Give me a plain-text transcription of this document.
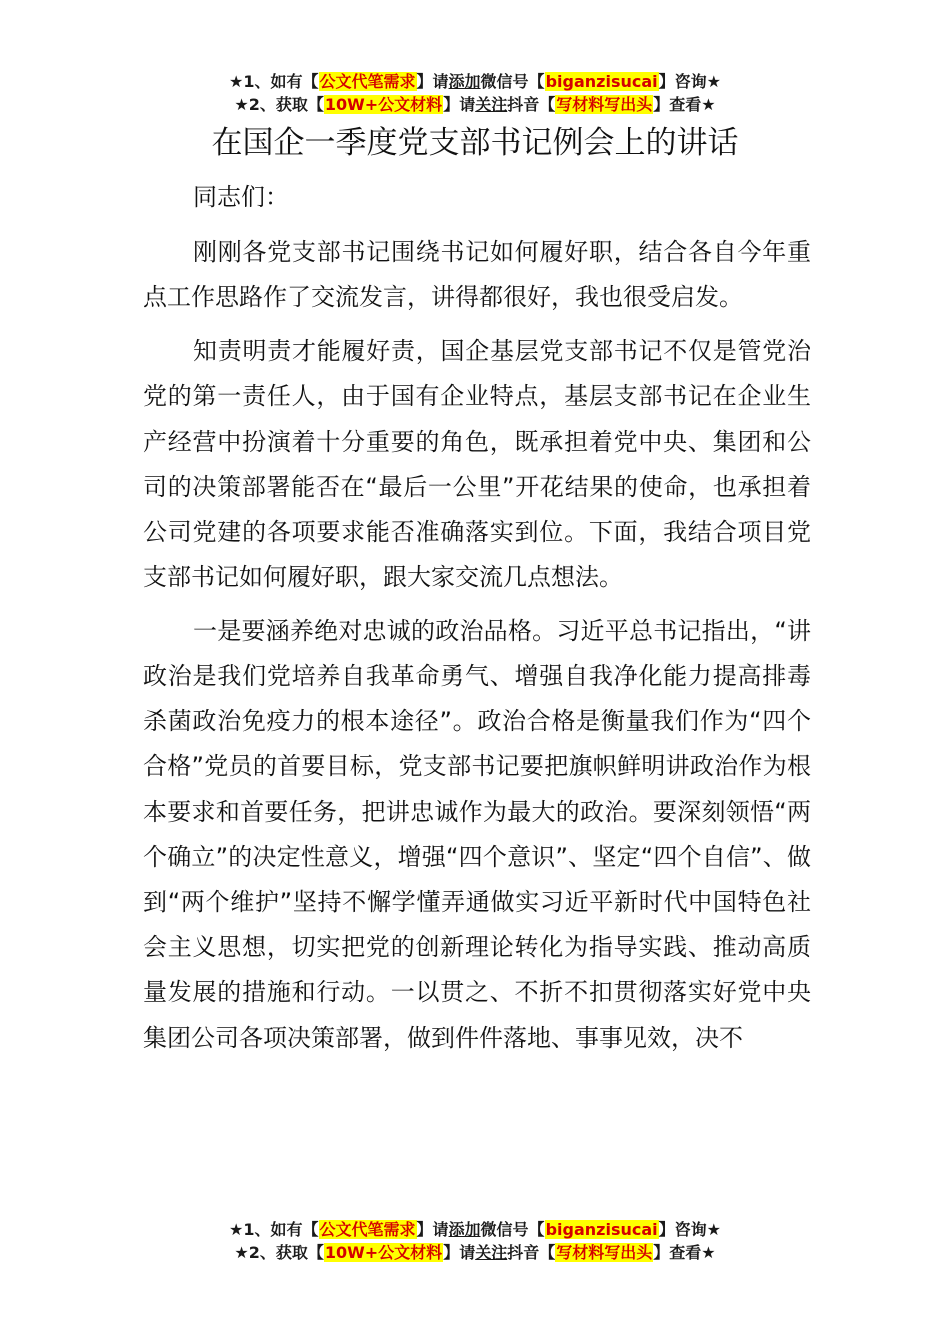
★1、如有【公文代笔需求】请添加微信号【biganzisucai】咨询★
★2、获取【10W+公文材料】请关注抖音【写材料写出头】查看★
在国企一季度党支部书记例会上的讲话

同志们：

刚刚各党支部书记围绕书记如何履好职，结合各自今年重点工作思路作了交流发言，讲得都很好，我也很受启发。

知责明责才能履好责，国企基层党支部书记不仅是管党治党的第一责任人，由于国有企业特点，基层支部书记在企业生产经营中扮演着十分重要的角色，既承担着党中央、集团和公司的决策部署能否在“最后一公里”开花结果的使命，也承担着公司党建的各项要求能否准确落实到位。下面，我结合项目党支部书记如何履好职，跟大家交流几点想法。

一是要涵养绝对忠诚的政治品格。习近平总书记指出，“讲政治是我们党培养自我革命勇气、增强自我净化能力提高排毒杀菌政治免疫力的根本途径”。政治合格是衡量我们作为“四个合格”党员的首要目标，党支部书记要把旗帜鲜明讲政治作为根本要求和首要任务，把讲忠诚作为最大的政治。要深刻领悟“两个确立”的决定性意义，增强“四个意识”、坚定“四个自信”、做到“两个维护”坚持不懈学懂弄通做实习近平新时代中国特色社会主义思想，切实把党的创新理论转化为指导实践、推动高质量发展的措施和行动。一以贯之、不折不扣贯彻落实好党中央集团公司各项决策部署，做到件件落地、事事见效，决不

★1、如有【公文代笔需求】请添加微信号【biganzisucai】咨询★
★2、获取【10W+公文材料】请关注抖音【写材料写出头】查看★
